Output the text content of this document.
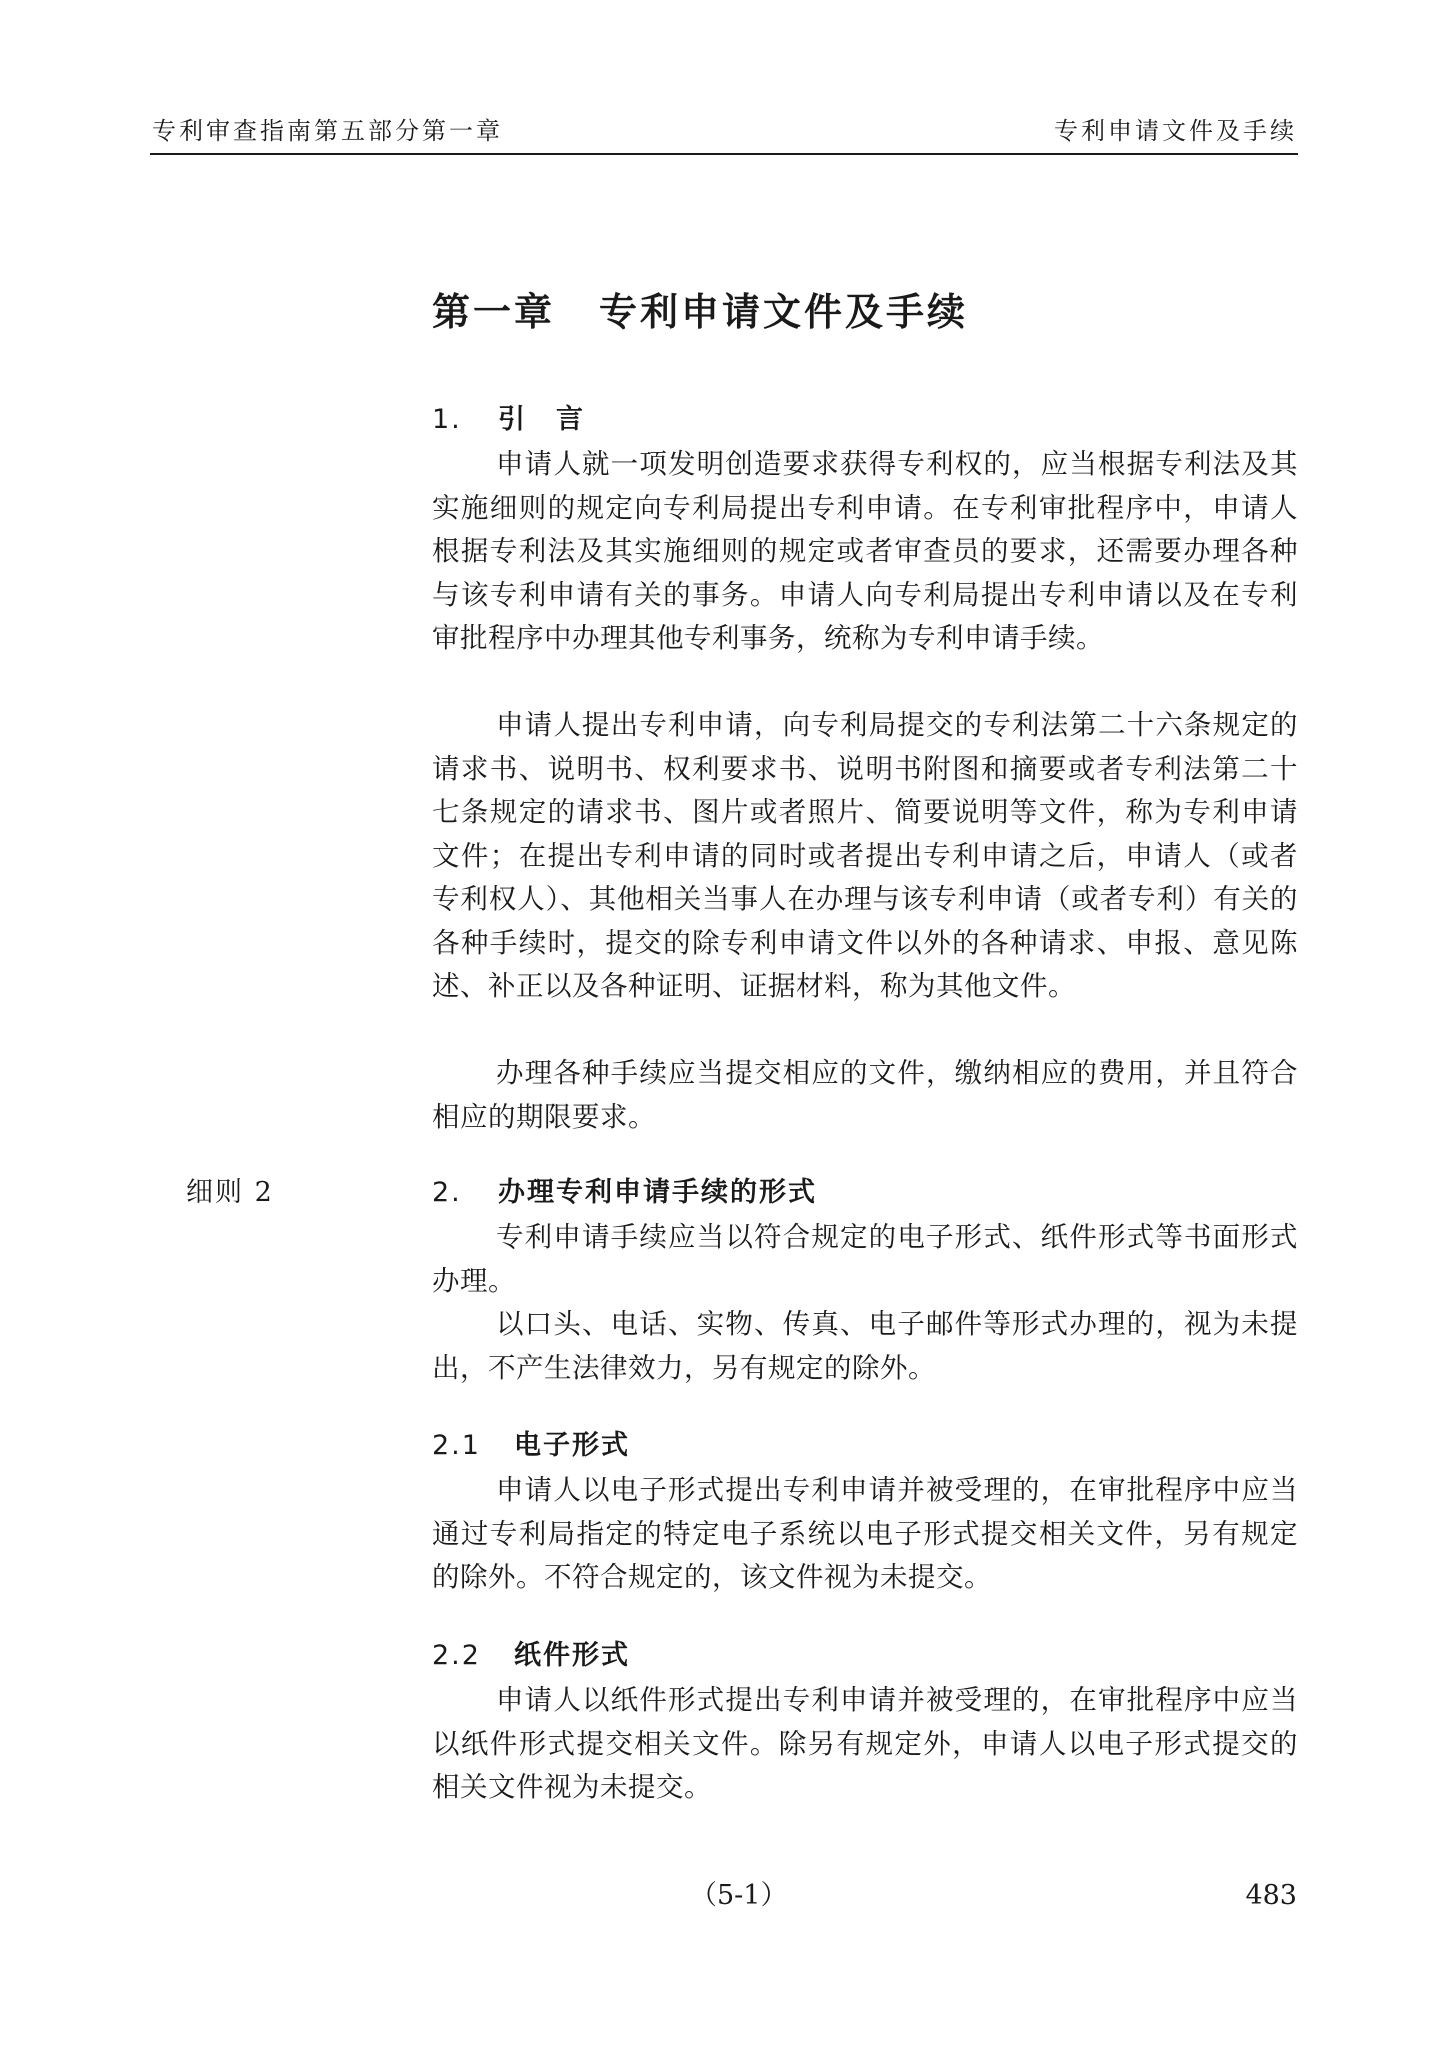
专利审查指南第五部分第一章	专利申请文件及手续
第一章 专利申请文件及手续
1. 引　言

申请人就一项发明创造要求获得专利权的，应当根据专利法及其实施细则的规定向专利局提出专利申请。在专利审批程序中，申请人根据专利法及其实施细则的规定或者审查员的要求，还需要办理各种与该专利申请有关的事务。申请人向专利局提出专利申请以及在专利审批程序中办理其他专利事务，统称为专利申请手续。

申请人提出专利申请，向专利局提交的专利法第二十六条规定的请求书、说明书、权利要求书、说明书附图和摘要或者专利法第二十七条规定的请求书、图片或者照片、简要说明等文件，称为专利申请文件；在提出专利申请的同时或者提出专利申请之后，申请人（或者专利权人）、其他相关当事人在办理与该专利申请（或者专利）有关的各种手续时，提交的除专利申请文件以外的各种请求、申报、意见陈述、补正以及各种证明、证据材料，称为其他文件。

办理各种手续应当提交相应的文件，缴纳相应的费用，并且符合相应的期限要求。

细则 2	2. 办理专利申请手续的形式

专利申请手续应当以符合规定的电子形式、纸件形式等书面形式办理。

以口头、电话、实物、传真、电子邮件等形式办理的，视为未提出，不产生法律效力，另有规定的除外。

2.1 电子形式

申请人以电子形式提出专利申请并被受理的，在审批程序中应当通过专利局指定的特定电子系统以电子形式提交相关文件，另有规定的除外。不符合规定的，该文件视为未提交。

2.2 纸件形式

申请人以纸件形式提出专利申请并被受理的，在审批程序中应当以纸件形式提交相关文件。除另有规定外，申请人以电子形式提交的相关文件视为未提交。

（5-1）	483
